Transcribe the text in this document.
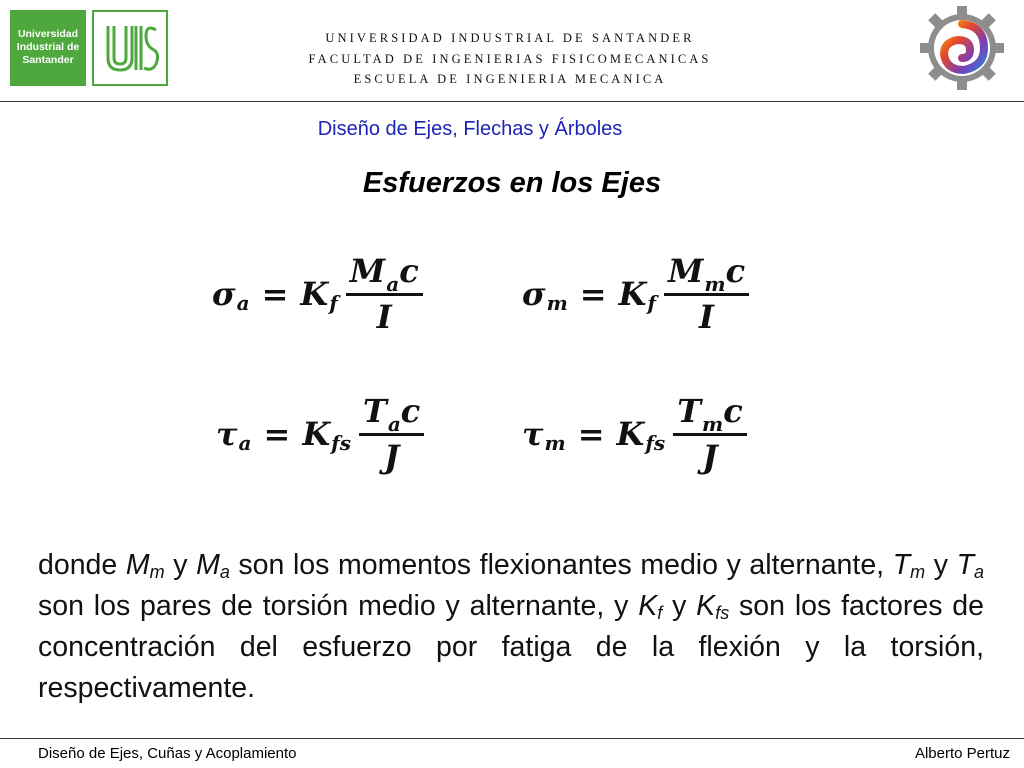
Universidad
Industrial de
Santander
UNIVERSIDAD INDUSTRIAL DE SANTANDER
FACULTAD DE INGENIERIAS FISICOMECANICAS
ESCUELA DE INGENIERIA MECANICA
Diseño de Ejes, Flechas y Árboles
Esfuerzos en los Ejes
σ a = K f $\frac{M_ac}{I}$	σ m = K f $\frac{M_mc}{I}$
τ a = K fs $\frac{T_ac}{J}$	τ m = K fs $\frac{T_mc}{J}$
donde $M_m$ y $M_a$ son los momentos flexionantes medio y alternante, $T_m$ y $T_a$ son los pares de torsión medio y alternante, y $K_f$ y $K_{fs}$ son los factores de concentración del esfuerzo por fatiga de la flexión y la torsión, respectivamente.
Diseño de Ejes, Cuñas y Acoplamiento	Alberto Pertuz
